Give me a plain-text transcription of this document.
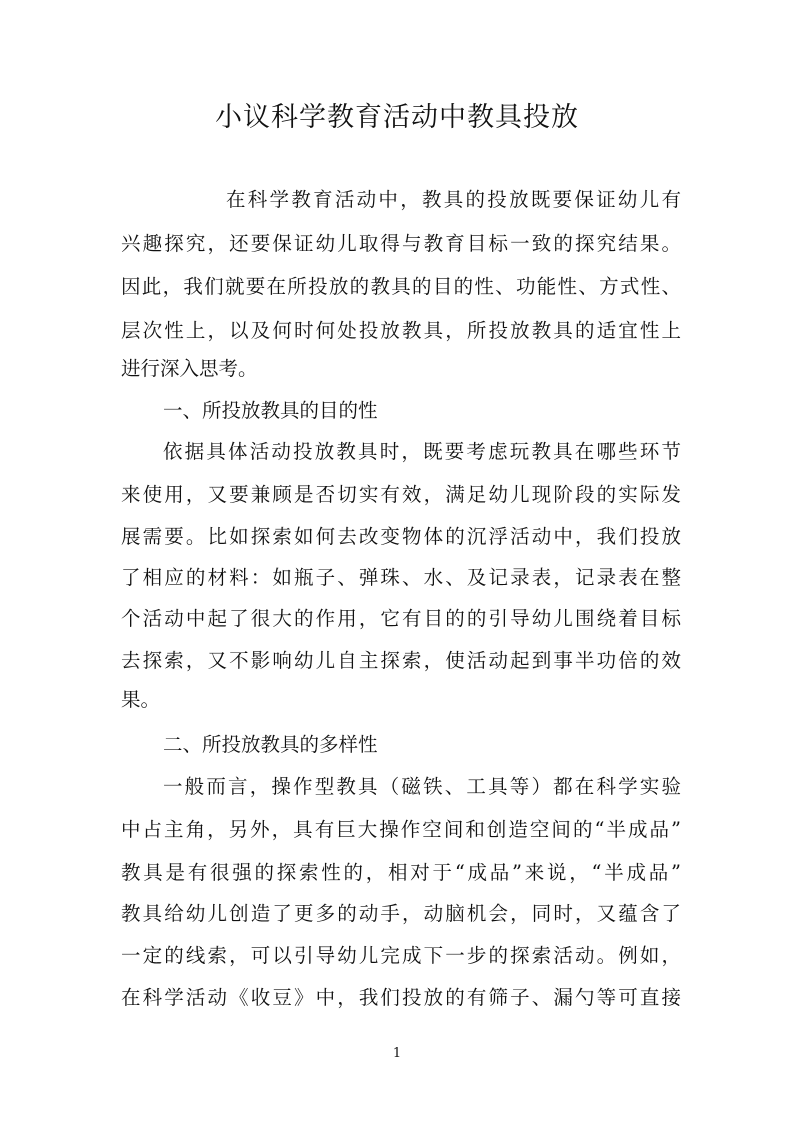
小议科学教育活动中教具投放
在科学教育活动中，教具的投放既要保证幼儿有
兴趣探究，还要保证幼儿取得与教育目标一致的探究结果。
因此，我们就要在所投放的教具的目的性、功能性、方式性、
层次性上，以及何时何处投放教具，所投放教具的适宜性上
进行深入思考。
一、所投放教具的目的性
依据具体活动投放教具时，既要考虑玩教具在哪些环节
来使用，又要兼顾是否切实有效，满足幼儿现阶段的实际发
展需要。比如探索如何去改变物体的沉浮活动中，我们投放
了相应的材料：如瓶子、弹珠、水、及记录表，记录表在整
个活动中起了很大的作用，它有目的的引导幼儿围绕着目标
去探索，又不影响幼儿自主探索，使活动起到事半功倍的效
果。
二、所投放教具的多样性
一般而言，操作型教具（磁铁、工具等）都在科学实验
中占主角，另外，具有巨大操作空间和创造空间的“半成品”
教具是有很强的探索性的，相对于“成品”来说，“半成品”
教具给幼儿创造了更多的动手，动脑机会，同时，又蕴含了
一定的线索，可以引导幼儿完成下一步的探索活动。例如，
在科学活动《收豆》中，我们投放的有筛子、漏勺等可直接
1
